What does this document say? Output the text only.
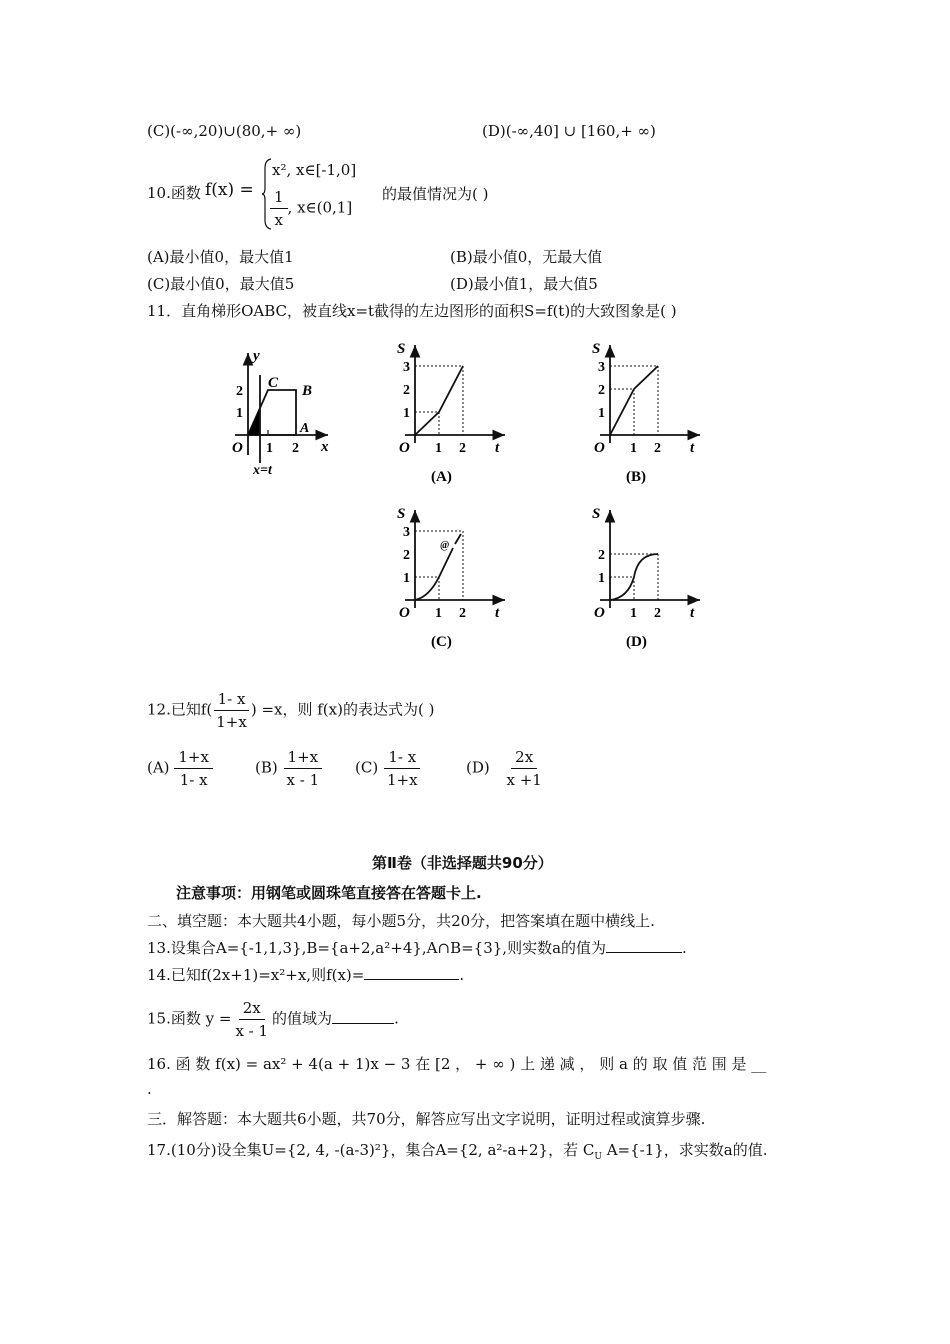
(C)(-∞,20)∪(80,+ ∞)	(D)(-∞,40] ∪ [160,+ ∞)
10.函数 f(x) =
x², x∈[-1,0]
$\frac{1}{x}$ , x∈(0,1]
的最值情况为( )
(A)最小值0，最大值1	(B)最小值0，无最大值
(C)最小值0，最大值5	(D)最小值1，最大值5
11．直角梯形OABC，被直线x=t截得的左边图形的面积S=f(t)的大致图象是( )
y
x
O
A
B
C
1
2
1 2
x=t
S
t
O
1
2
3
1 2
(A)
S
t
O
1
2
3
1 2
(B)
@
S
t
O
1
2
3
1 2
(C)
S
t
O
1
2
1 2
(D)
12.已知$f( \frac{1- x}{1+x}$ ) =x，则 f(x)的表达式为( )
$(A) \frac{1+x}{1- x}$	$(B) \frac{1+x}{x - 1} (C) \frac{1- x}{1+x}$	$(D) \frac{2x}{x +1}$
第Ⅱ卷（非选择题共90分）
注意事项：用钢笔或圆珠笔直接答在答题卡上.
二、填空题：本大题共4小题，每小题5分，共20分，把答案填在题中横线上.
13.设集合A={-1,1,3},B={a+2,a²+4},A∩B={3},则实数a的值为	.
14.已知f(2x+1)=x²+x,则f(x)=	.
15.函数 $y = \frac{2x}{x - 1}$ 的值域为	.
16. 函 数 f(x) = ax² + 4(a + 1)x − 3 在 [2 ， + ∞ ) 上 递 减 ， 则 a 的 取 值 范 围 是 __
.
三．解答题：本大题共6小题，共70分，解答应写出文字说明，证明过程或演算步骤.
17.(10分)设全集U={2, 4, -(a-3)²}，集合A={2, a²-a+2}，若 $C_U$ A={-1}，求实数a的值.
